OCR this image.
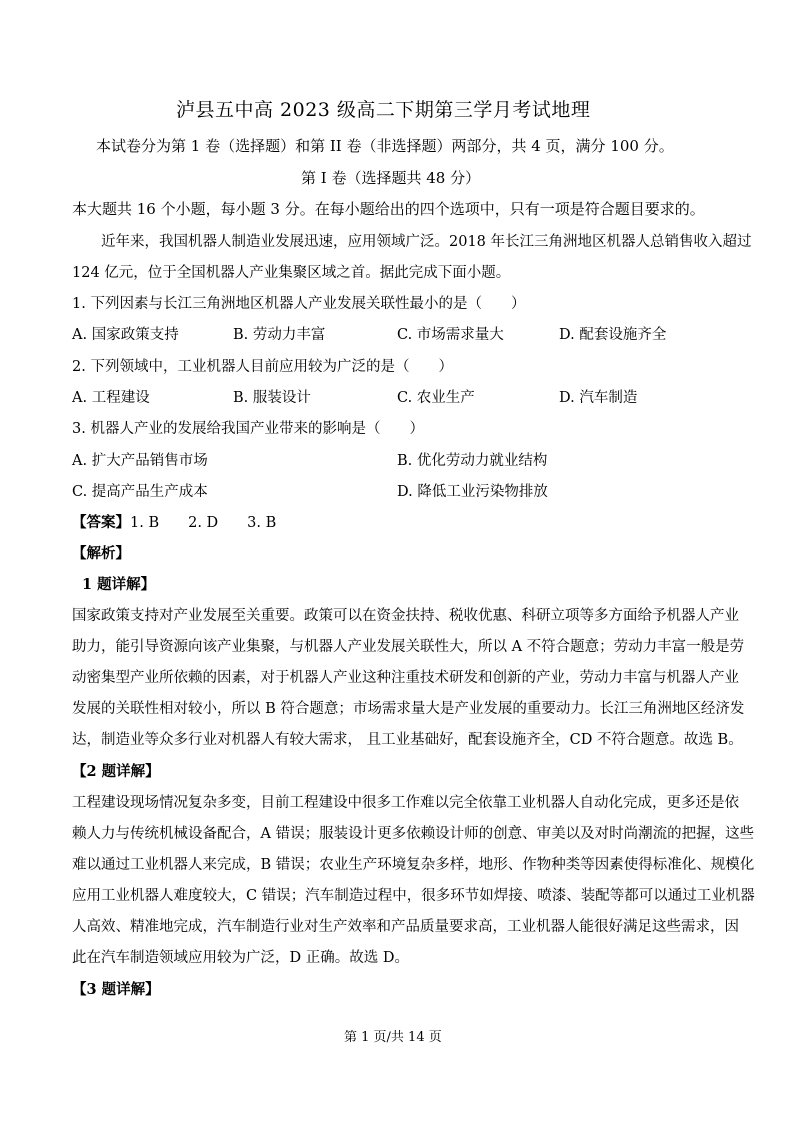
泸县五中高 2023 级高二下期第三学月考试地理
本试卷分为第 1 卷（选择题）和第 II 卷（非选择题）两部分，共 4 页，满分 100 分。
第 I 卷（选择题共 48 分）
本大题共 16 个小题，每小题 3 分。在每小题给出的四个选项中，只有一项是符合题目要求的。
近年来，我国机器人制造业发展迅速，应用领域广泛。2018 年长江三角洲地区机器人总销售收入超过
124 亿元，位于全国机器人产业集聚区域之首。据此完成下面小题。
1. 下列因素与长江三角洲地区机器人产业发展关联性最小的是（　　）
A. 国家政策支持	B. 劳动力丰富	C. 市场需求量大	D. 配套设施齐全
2. 下列领域中，工业机器人目前应用较为广泛的是（　　）
A. 工程建设	B. 服装设计	C. 农业生产	D. 汽车制造
3. 机器人产业的发展给我国产业带来的影响是（　　）
A. 扩大产品销售市场	B. 优化劳动力就业结构
C. 提高产品生产成本	D. 降低工业污染物排放
【答案】1. B　　2. D　　3. B
【解析】
1 题详解】
国家政策支持对产业发展至关重要。政策可以在资金扶持、税收优惠、科研立项等多方面给予机器人产业
助力，能引导资源向该产业集聚，与机器人产业发展关联性大，所以 A 不符合题意；劳动力丰富一般是劳
动密集型产业所依赖的因素，对于机器人产业这种注重技术研发和创新的产业，劳动力丰富与机器人产业
发展的关联性相对较小，所以 B 符合题意；市场需求量大是产业发展的重要动力。长江三角洲地区经济发
达，制造业等众多行业对机器人有较大需求， 且工业基础好，配套设施齐全，CD 不符合题意。故选 B。
【2 题详解】
工程建设现场情况复杂多变，目前工程建设中很多工作难以完全依靠工业机器人自动化完成，更多还是依
赖人力与传统机械设备配合，A 错误；服装设计更多依赖设计师的创意、审美以及对时尚潮流的把握，这些
难以通过工业机器人来完成，B 错误；农业生产环境复杂多样，地形、作物种类等因素使得标准化、规模化
应用工业机器人难度较大，C 错误；汽车制造过程中，很多环节如焊接、喷漆、装配等都可以通过工业机器
人高效、精准地完成，汽车制造行业对生产效率和产品质量要求高，工业机器人能很好满足这些需求，因
此在汽车制造领域应用较为广泛，D 正确。故选 D。
【3 题详解】
第 1 页/共 14 页
